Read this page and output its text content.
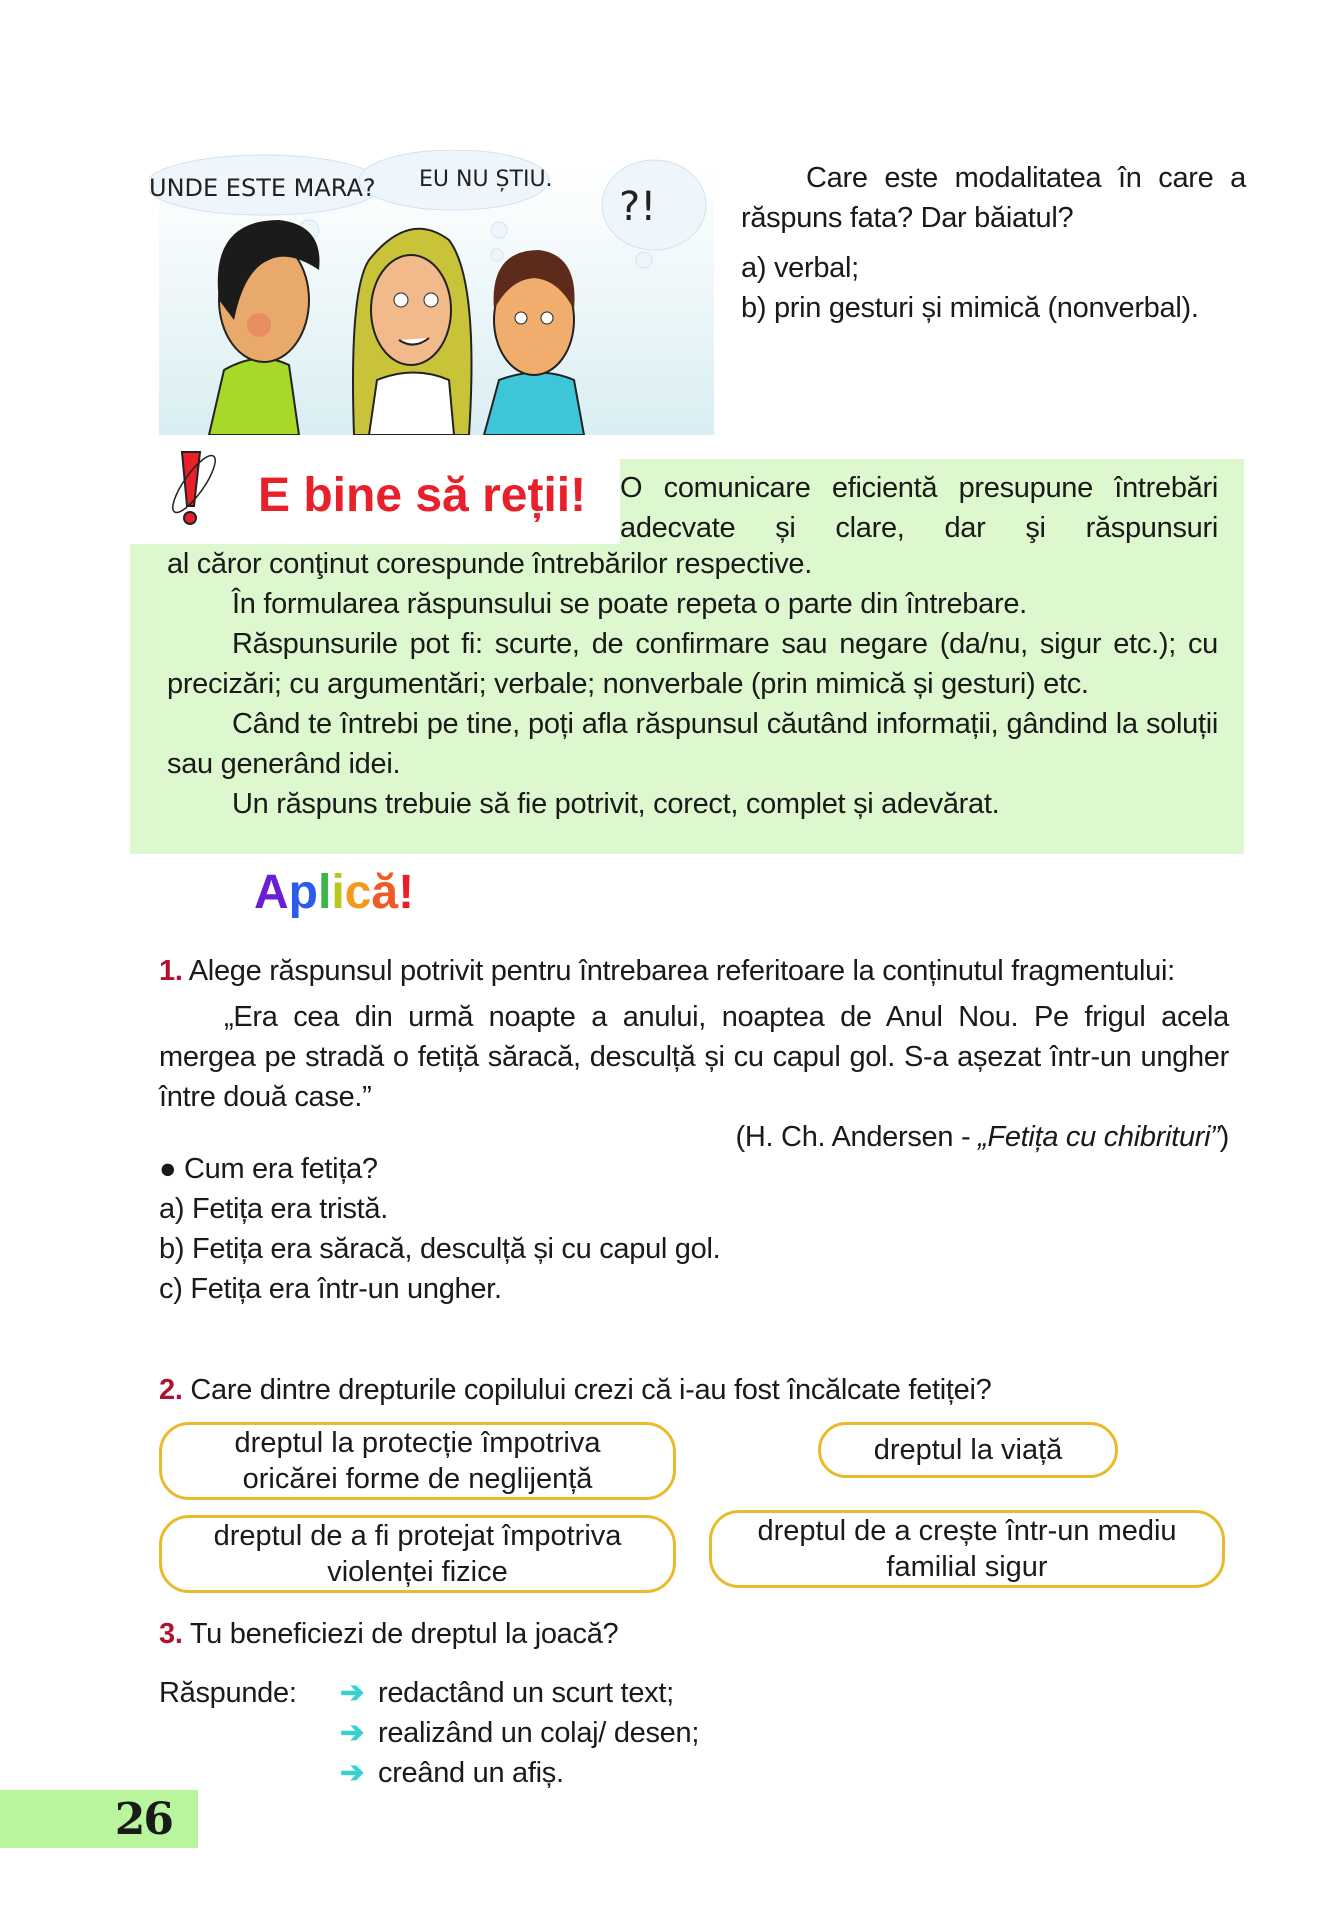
UNDE ESTE MARA? EU NU ȘTIU.
?!

Care este modalitatea în care a răspuns fata? Dar băiatul?

a) verbal;

b) prin gesturi și mimică (nonverbal).

E bine să reții! O comunicare eficientă presupune întrebări adecvate și clare, dar şi răspunsuri

al căror conţinut corespunde întrebărilor respective.

În formularea răspunsului se poate repeta o parte din întrebare.

Răspunsurile pot fi: scurte, de confirmare sau negare (da/nu, sigur etc.); cu precizări; cu argumentări; verbale; nonverbale (prin mimică și gesturi) etc.

Când te întrebi pe tine, poți afla răspunsul căutând informații, gândind la soluții sau generând idei.

Un răspuns trebuie să fie potrivit, corect, complet și adevărat.

Aplică!

1. Alege răspunsul potrivit pentru întrebarea referitoare la conținutul fragmentului:

„Era cea din urmă noapte a anului, noaptea de Anul Nou. Pe frigul acela mergea pe stradă o fetiță săracă, desculță și cu capul gol. S-a așezat într-un ungher între două case.”

(H. Ch. Andersen - „Fetița cu chibrituri”)

● Cum era fetița?

a) Fetița era tristă.

b) Fetița era săracă, desculță și cu capul gol.

c) Fetița era într-un ungher.

2. Care dintre drepturile copilului crezi că i-au fost încălcate fetiței?
dreptul la protecție împotriva
oricărei forme de neglijență
dreptul la viață
dreptul de a fi protejat împotriva
violenței fizice
dreptul de a crește într-un mediu
familial sigur
3. Tu beneficiezi de dreptul la joacă?
Răspunde: ➔ redactând un scurt text;

➔ realizând un colaj/ desen;

➔ creând un afiș.

26
